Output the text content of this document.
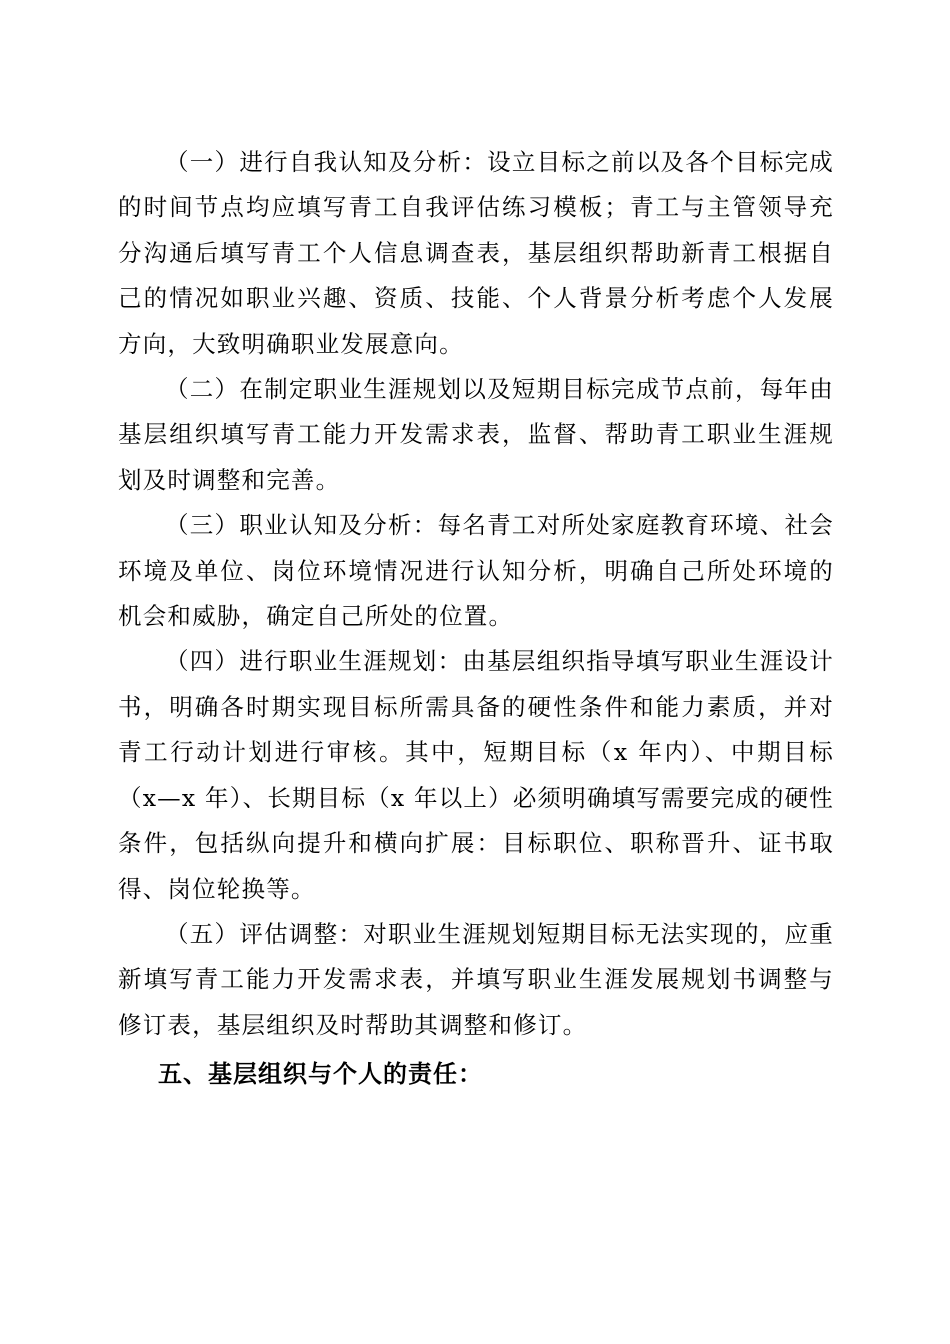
（一）进行自我认知及分析：设立目标之前以及各个目标完成的时间节点均应填写青工自我评估练习模板；青工与主管领导充分沟通后填写青工个人信息调查表，基层组织帮助新青工根据自己的情况如职业兴趣、资质、技能、个人背景分析考虑个人发展方向，大致明确职业发展意向。

（二）在制定职业生涯规划以及短期目标完成节点前，每年由基层组织填写青工能力开发需求表，监督、帮助青工职业生涯规划及时调整和完善。

（三）职业认知及分析：每名青工对所处家庭教育环境、社会环境及单位、岗位环境情况进行认知分析，明确自己所处环境的机会和威胁，确定自己所处的位置。

（四）进行职业生涯规划：由基层组织指导填写职业生涯设计书，明确各时期实现目标所需具备的硬性条件和能力素质，并对青工行动计划进行审核。其中，短期目标（x 年内）、中期目标（x—x 年）、长期目标（x 年以上）必须明确填写需要完成的硬性条件，包括纵向提升和横向扩展：目标职位、职称晋升、证书取得、岗位轮换等。

（五）评估调整：对职业生涯规划短期目标无法实现的，应重新填写青工能力开发需求表，并填写职业生涯发展规划书调整与修订表，基层组织及时帮助其调整和修订。

五、基层组织与个人的责任：
